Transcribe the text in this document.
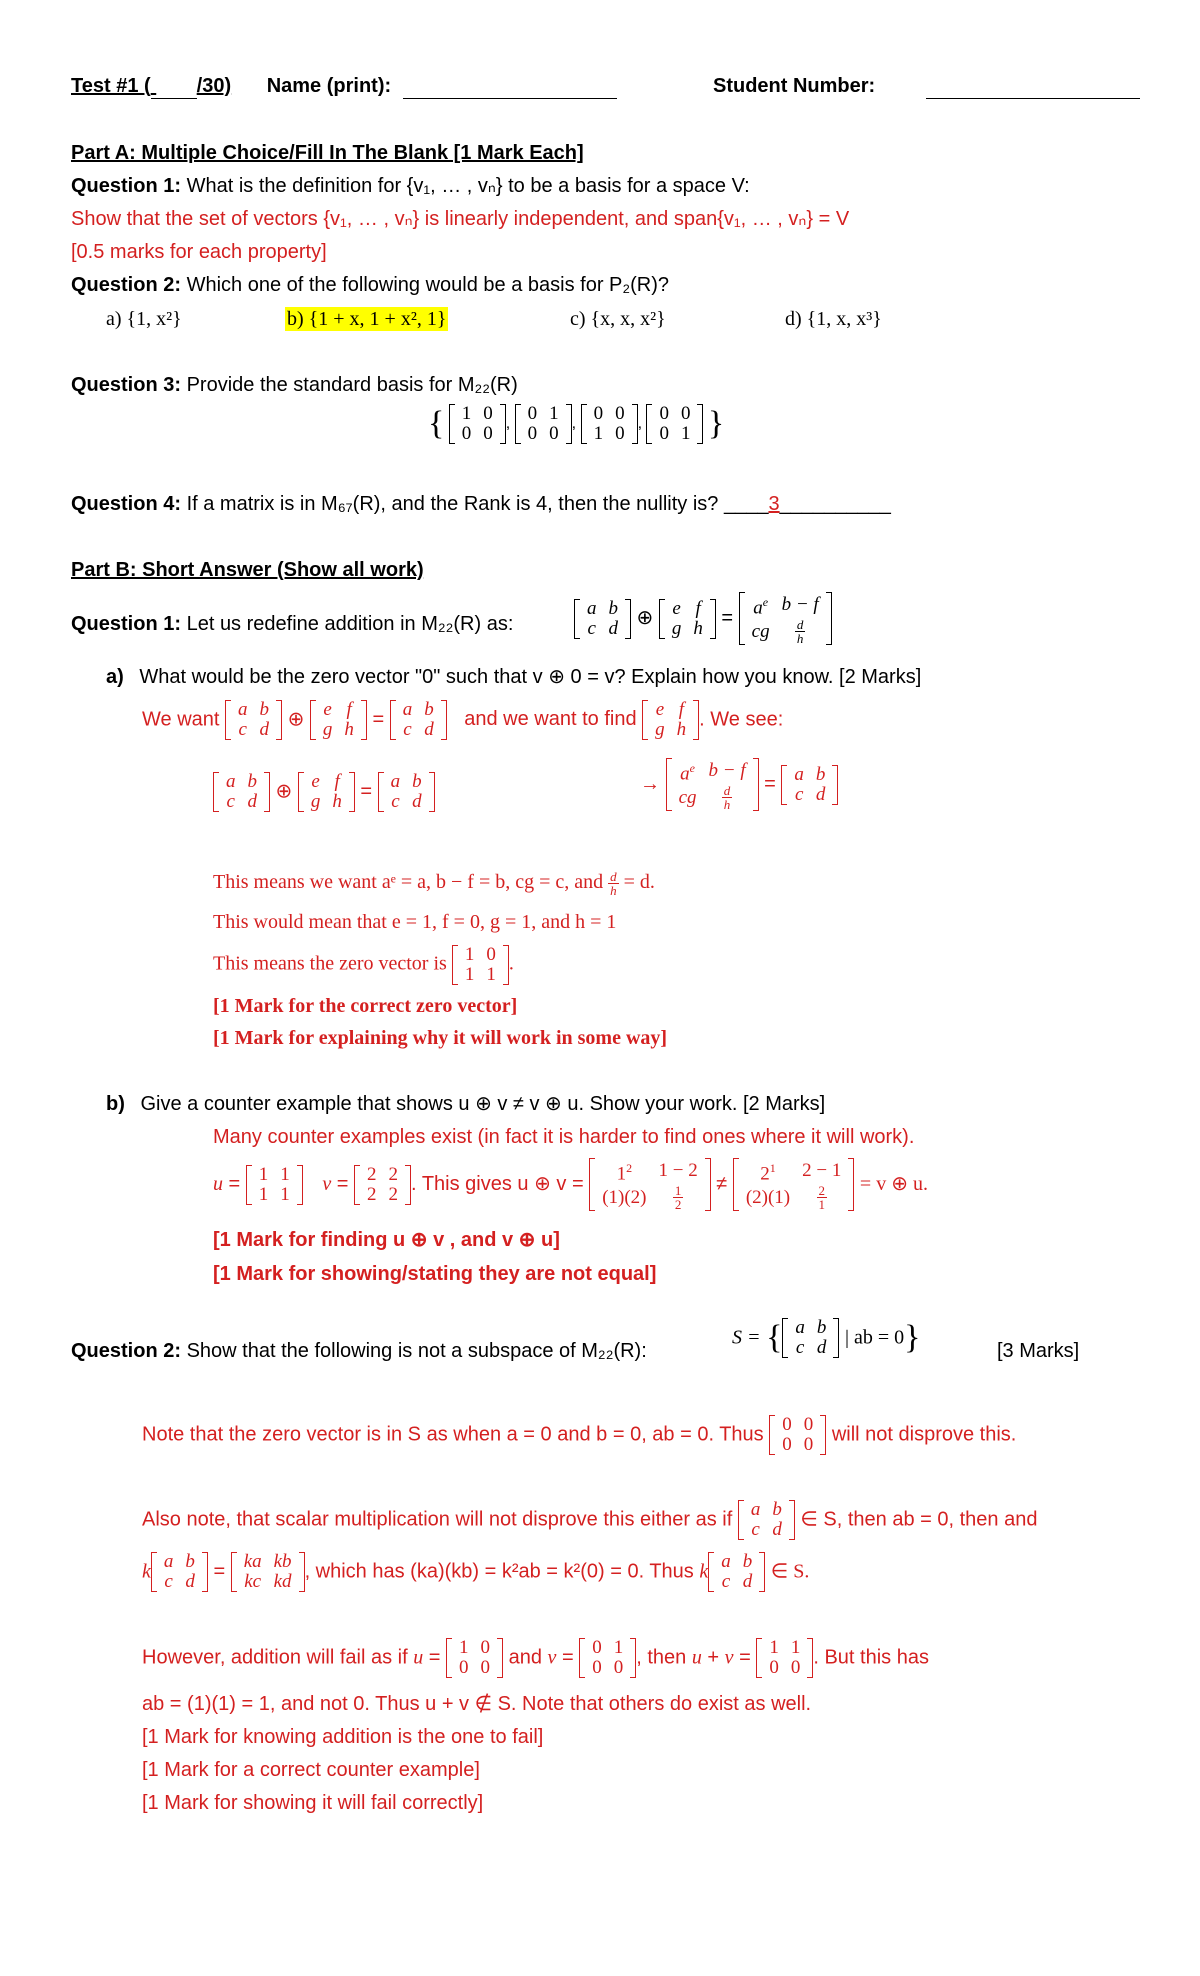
Test #1 ( /30) Name (print):	Student Number:

Part A: Multiple Choice/Fill In The Blank [1 Mark Each]
Question 1: What is the definition for {v₁, … , vₙ} to be a basis for a space V:
Show that the set of vectors {v₁, … , vₙ} is linearly independent, and span{v₁, … , vₙ} = V
[0.5 marks for each property]
Question 2: Which one of the following would be a basis for P₂(R)?
a) {1, x²}	b) {1 + x, 1 + x², 1}	c) {x, x, x²}	d) {1, x, x³}
Question 3: Provide the standard basis for M₂₂(R)
{ 1	0
0	0 , 0	1
0	0 , 0	0
1	0 , 0	0
0	1 }
Question 4: If a matrix is in M₆₇(R), and the Rank is 4, then the nullity is? ____3__________
Part B: Short Answer (Show all work)
Question 1: Let us redefine addition in M₂₂(R) as:
a	b
c	d ⊕ e	f
g	$h = a^e$	b − f
cg	$\frac{d}{h}$
a) What would be the zero vector "0" such that v ⊕ 0 = v? Explain how you know. [2 Marks]
We want a	b
c	d ⊕ e	f
g	h = a	b
c	d and we want to find e	f
g	h . We see:
a	b
c	d ⊕ e	f
g	h = a	b
c	d
→ $a^e$	b − f
cg	$\frac{d}{h}$
= a	b
c	d
This means we want aᵉ = a, b − f = b, cg = c, and $\frac{d}{h} = d$.
This would mean that e = 1, f = 0, g = 1, and h = 1
This means the zero vector is 1	0
1	1 .
[1 Mark for the correct zero vector]
[1 Mark for explaining why it will work in some way]
b) Give a counter example that shows u ⊕ v ≠ v ⊕ u. Show your work. [2 Marks]
Many counter examples exist (in fact it is harder to find ones where it will work).
u = 1	1
1	1 v = 2	2
2	2 . This gives u ⊕ $v = 1^2$	1 − 2
(1)(2)	$\frac{1}{2}$
≠ $2^1$	2 − 1
(2)(1)	$\frac{2}{1}$
= v ⊕ u.
[1 Mark for finding u ⊕ v , and v ⊕ u]
[1 Mark for showing/stating they are not equal]
Question 2: Show that the following is not a subspace of M₂₂(R):
S = { a	b
c	d | ab = 0}	[3 Marks]
Note that the zero vector is in S as when a = 0 and b = 0, ab = 0. Thus 0	0
0	0 will not disprove this.
Also note, that scalar multiplication will not disprove this either as if a	b
c	d ∈ S, then ab = 0, then and
k a	b
c	d = ka	kb
kc	kd , which has (ka)(kb) = k²ab = k²(0) = 0. Thus k a	b
c	d ∈ S.
However, addition will fail as if u = 1	0
0	0 and v = 0	1
0	0 , then u + v = 1	1
0	0 . But this has
ab = (1)(1) = 1, and not 0. Thus u + v ∉ S. Note that others do exist as well.
[1 Mark for knowing addition is the one to fail]
[1 Mark for a correct counter example]
[1 Mark for showing it will fail correctly]
